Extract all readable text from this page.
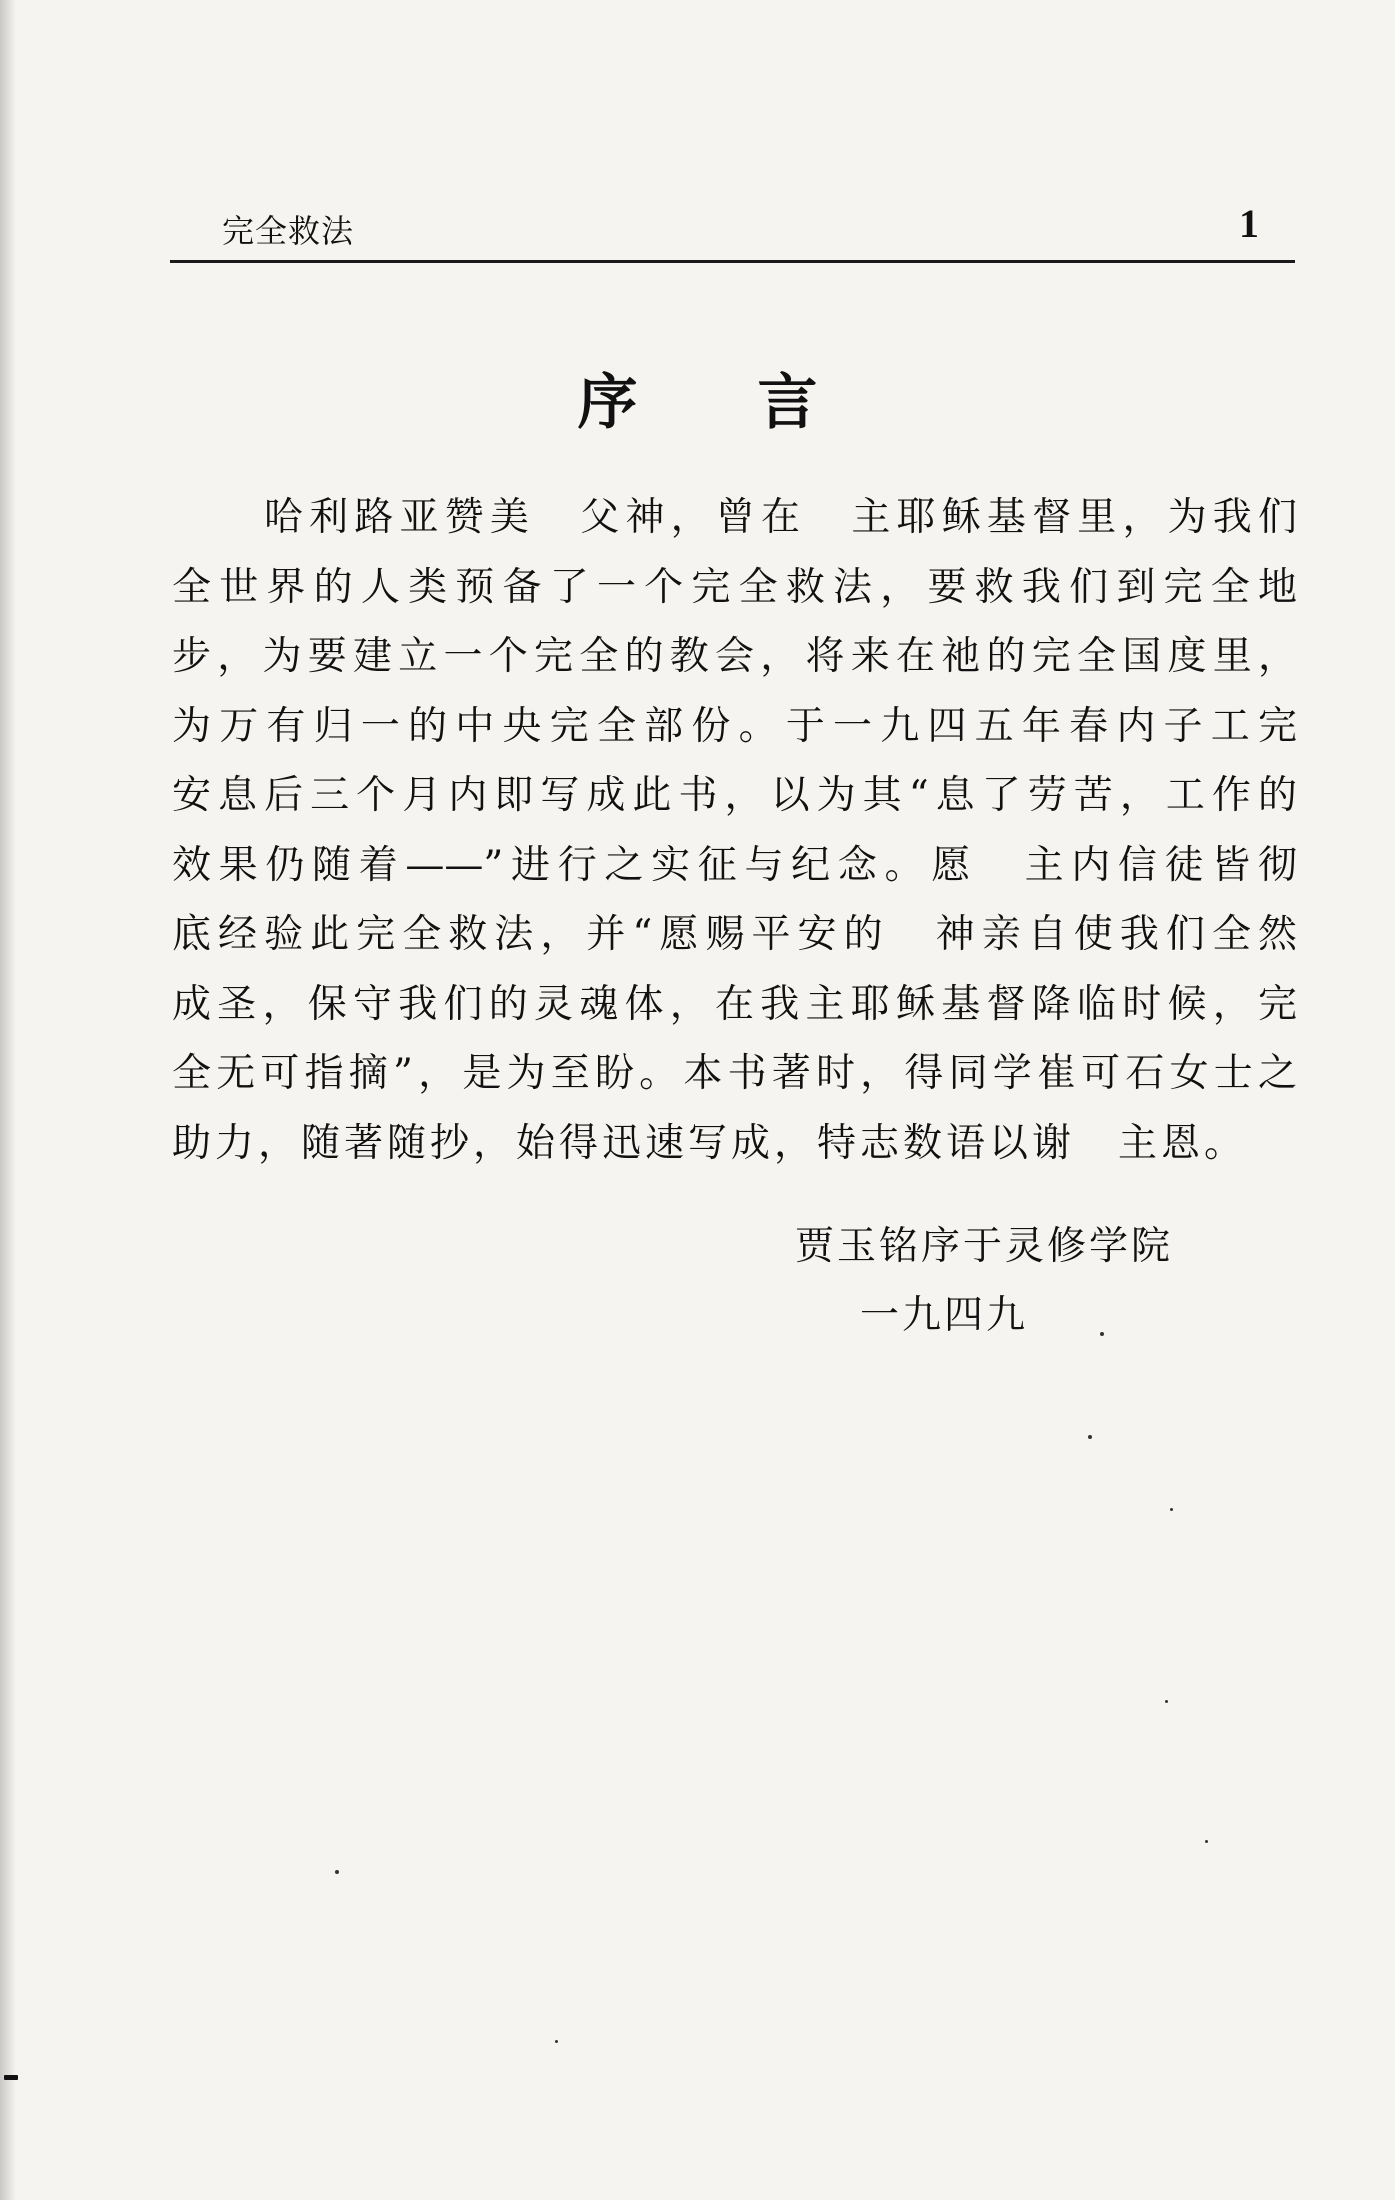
完全救法	1
序 言
哈利路亚赞美　父神，曾在　主耶稣基督里，为我们
全世界的人类预备了一个完全救法，要救我们到完全地
步，为要建立一个完全的教会，将来在祂的完全国度里，
为万有归一的中央完全部份。于一九四五年春内子工完
安息后三个月内即写成此书，以为其“息了劳苦，工作的
效果仍随着——”进行之实征与纪念。愿　主内信徒皆彻
底经验此完全救法，并“愿赐平安的　神亲自使我们全然
成圣，保守我们的灵魂体，在我主耶稣基督降临时候，完
全无可指摘”，是为至盼。本书著时，得同学崔可石女士之
助力，随著随抄，始得迅速写成，特志数语以谢　主恩。
贾玉铭序于灵修学院
一九四九
